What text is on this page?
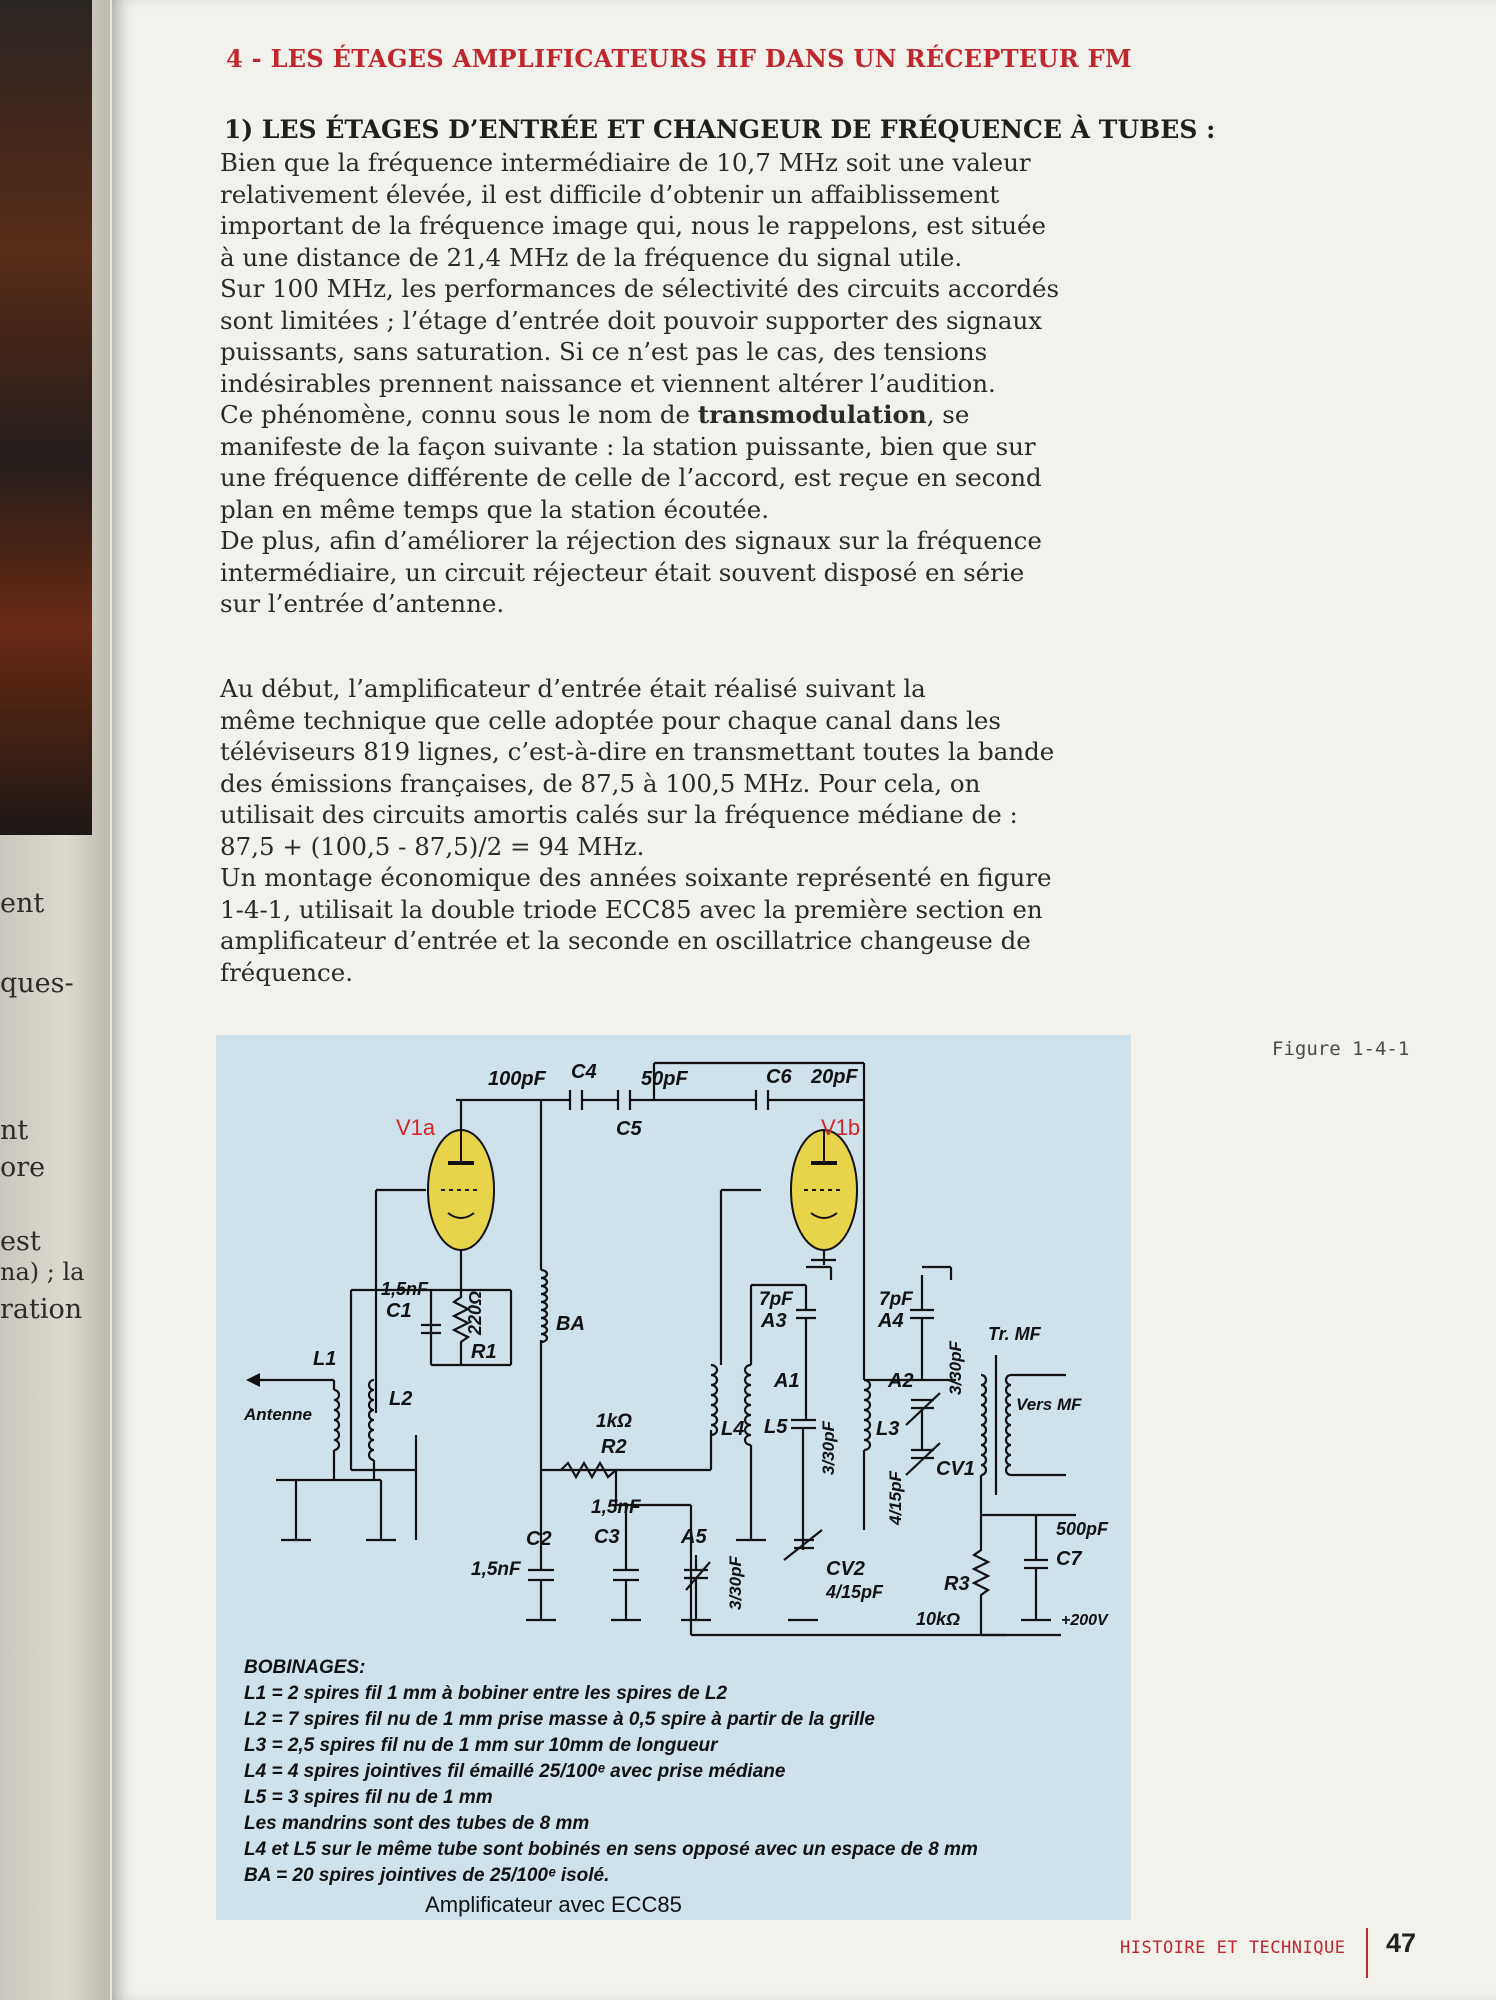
ent
ques-
nt
ore
est
na) ; la
ration
4 - LES ÉTAGES AMPLIFICATEURS HF DANS UN RÉCEPTEUR FM
1) LES ÉTAGES D’ENTRÉE ET CHANGEUR DE FRÉQUENCE À TUBES :

Bien que la fréquence intermédiaire de 10,7 MHz soit une valeur

relativement élevée, il est difficile d’obtenir un affaiblissement

important de la fréquence image qui, nous le rappelons, est située

à une distance de 21,4 MHz de la fréquence du signal utile.

Sur 100 MHz, les performances de sélectivité des circuits accordés

sont limitées ; l’étage d’entrée doit pouvoir supporter des signaux

puissants, sans saturation. Si ce n’est pas le cas, des tensions

indésirables prennent naissance et viennent altérer l’audition.

Ce phénomène, connu sous le nom de transmodulation, se

manifeste de la façon suivante : la station puissante, bien que sur

une fréquence différente de celle de l’accord, est reçue en second

plan en même temps que la station écoutée.

De plus, afin d’améliorer la réjection des signaux sur la fréquence

intermédiaire, un circuit réjecteur était souvent disposé en série

sur l’entrée d’antenne.

Au début, l’amplificateur d’entrée était réalisé suivant la

même technique que celle adoptée pour chaque canal dans les

téléviseurs 819 lignes, c’est-à-dire en transmettant toutes la bande

des émissions françaises, de 87,5 à 100,5 MHz. Pour cela, on

utilisait des circuits amortis calés sur la fréquence médiane de :

87,5 + (100,5 - 87,5)/2 = 94 MHz.

Un montage économique des années soixante représenté en figure

1-4-1, utilisait la double triode ECC85 avec la première section en

amplificateur d’entrée et la seconde en oscillatrice changeuse de

fréquence.

Figure 1-4-1
100pF C4 50pF
C5
C6 20pF
V1a	V1b
1,5nF
C1	220Ω
R1
BA
L1
L2
Antenne	1kΩ
R2
1,5nF
C3
C2
1,5nF
7pF
A3
7pF
A4
A1
3/30pF
A2 3/30pF
A5
3/30pF
CV1
4/15pF
CV2
4/15pF
L4 L5	L3
Tr. MF
Vers MF
500pF
C7
R3
10kΩ	+200V
BOBINAGES:
L1 = 2 spires fil 1 mm à bobiner entre les spires de L2
L2 = 7 spires fil nu de 1 mm prise masse à 0,5 spire à partir de la grille
L3 = 2,5 spires fil nu de 1 mm sur 10mm de longueur
L4 = 4 spires jointives fil émaillé 25/100ᵉ avec prise médiane
L5 = 3 spires fil nu de 1 mm
Les mandrins sont des tubes de 8 mm
L4 et L5 sur le même tube sont bobinés en sens opposé avec un espace de 8 mm
BA = 20 spires jointives de 25/100ᵉ isolé.
Amplificateur avec ECC85
HISTOIRE ET TECHNIQUE 47
